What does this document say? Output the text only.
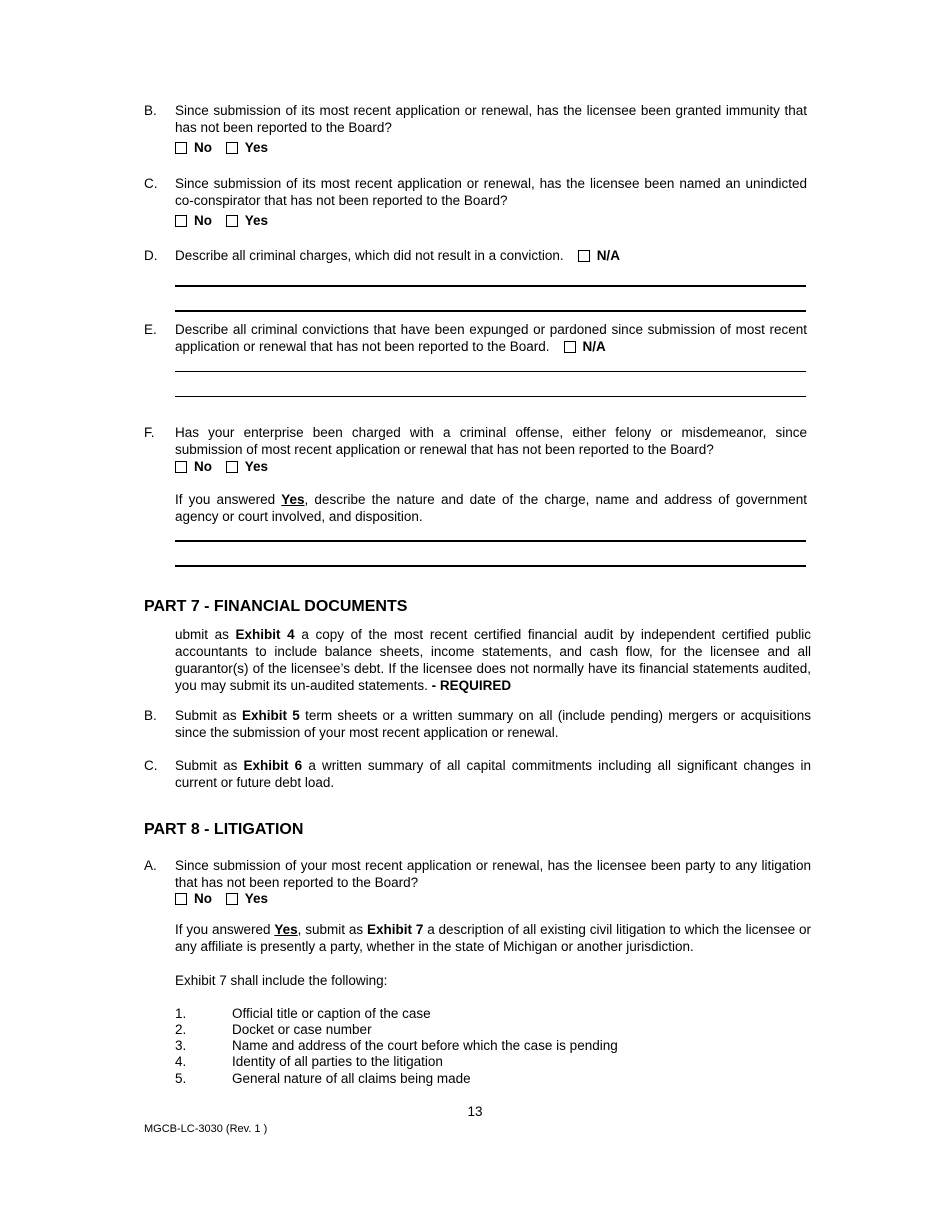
B. Since submission of its most recent application or renewal, has the licensee been granted immunity that has not been reported to the Board?
No Yes
C. Since submission of its most recent application or renewal, has the licensee been named an unindicted co-conspirator that has not been reported to the Board?
No Yes
D. Describe all criminal charges, which did not result in a conviction. N/A
E. Describe all criminal convictions that have been expunged or pardoned since submission of most recent application or renewal that has not been reported to the Board. N/A
F. Has your enterprise been charged with a criminal offense, either felony or misdemeanor, since submission of most recent application or renewal that has not been reported to the Board?
No Yes
If you answered Yes, describe the nature and date of the charge, name and address of government agency or court involved, and disposition.
PART 7 - FINANCIAL DOCUMENTS
ubmit as Exhibit 4 a copy of the most recent certified financial audit by independent certified public accountants to include balance sheets, income statements, and cash flow, for the licensee and all guarantor(s) of the licensee’s debt. If the licensee does not normally have its financial statements audited, you may submit its un-audited statements. - REQUIRED
B. Submit as Exhibit 5 term sheets or a written summary on all (include pending) mergers or acquisitions since the submission of your most recent application or renewal.
C. Submit as Exhibit 6 a written summary of all capital commitments including all significant changes in current or future debt load.
PART 8 - LITIGATION
A. Since submission of your most recent application or renewal, has the licensee been party to any litigation that has not been reported to the Board?
No Yes
If you answered Yes, submit as Exhibit 7 a description of all existing civil litigation to which the licensee or any affiliate is presently a party, whether in the state of Michigan or another jurisdiction.
Exhibit 7 shall include the following:
1.	Official title or caption of the case
2.	Docket or case number
3.	Name and address of the court before which the case is pending
4.	Identity of all parties to the litigation
5.	General nature of all claims being made
13
MGCB-LC-3030 (Rev. 1 )
